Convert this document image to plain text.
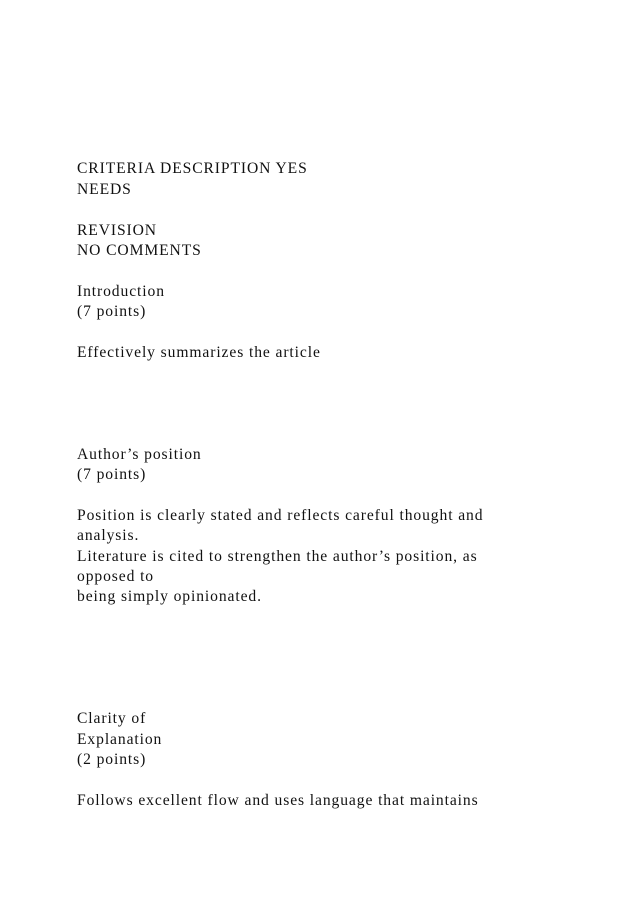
CRITERIA DESCRIPTION YES

NEEDS

REVISION

NO COMMENTS

Introduction

(7 points)

Effectively summarizes the article

Author’s position

(7 points)

Position is clearly stated and reflects careful thought and

analysis.

Literature is cited to strengthen the author’s position, as

opposed to

being simply opinionated.

Clarity of

Explanation

(2 points)

Follows excellent flow and uses language that maintains
